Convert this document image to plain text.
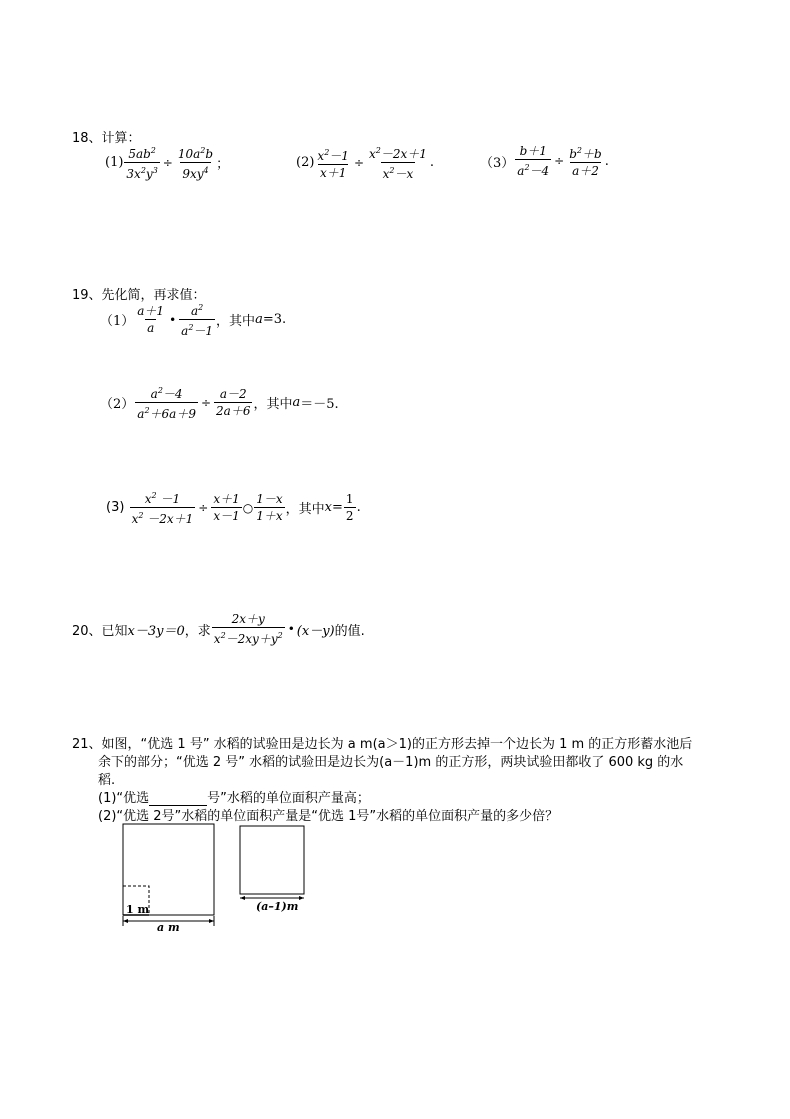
18、计算：
$(1) \frac{5ab^2}{3x^2y^3} \div \frac{10a^2b}{9xy^4}$ ；	$(2) \frac{x^2-1}{x+1} \div \frac{x^2-2x+1}{x^2-x}$ .	$(3) \frac{b+1}{a^2-4} \div \frac{b^2+b}{a+2}$ .
19、先化简，再求值：
$(1) \frac{a+1}{a}$ • $\frac{a^2}{a^2-1}$ ，其中a=3.
$(2) \frac{a^2-4}{a^2+6a+9} \div \frac{a-2}{2a+6}$ ，其中a＝－5.
$(3) \frac{x^2 -1}{x^2 -2x+1} \div \frac{x+1}{x-1}$ ○ $\frac{1-x}{1+x}$ ，其中$x= \frac{1}{2}$ .
20、已知x－3y＝0，求 $\frac{2x+y}{x^2-2xy+y^2}$ • (x－y)的值.
21、如图，“优选 1 号” 水稻的试验田是边长为 a m(a＞1)的正方形去掉一个边长为 1 m 的正方形蓄水池后
余下的部分；“优选 2 号” 水稻的试验田是边长为(a－1)m 的正方形，两块试验田都收了 600 kg 的水
稻.
(1)“优选	号”水稻的单位面积产量高；
(2)“优选 2号”水稻的单位面积产量是“优选 1号”水稻的单位面积产量的多少倍？
1 m
a m
(a–1)m
